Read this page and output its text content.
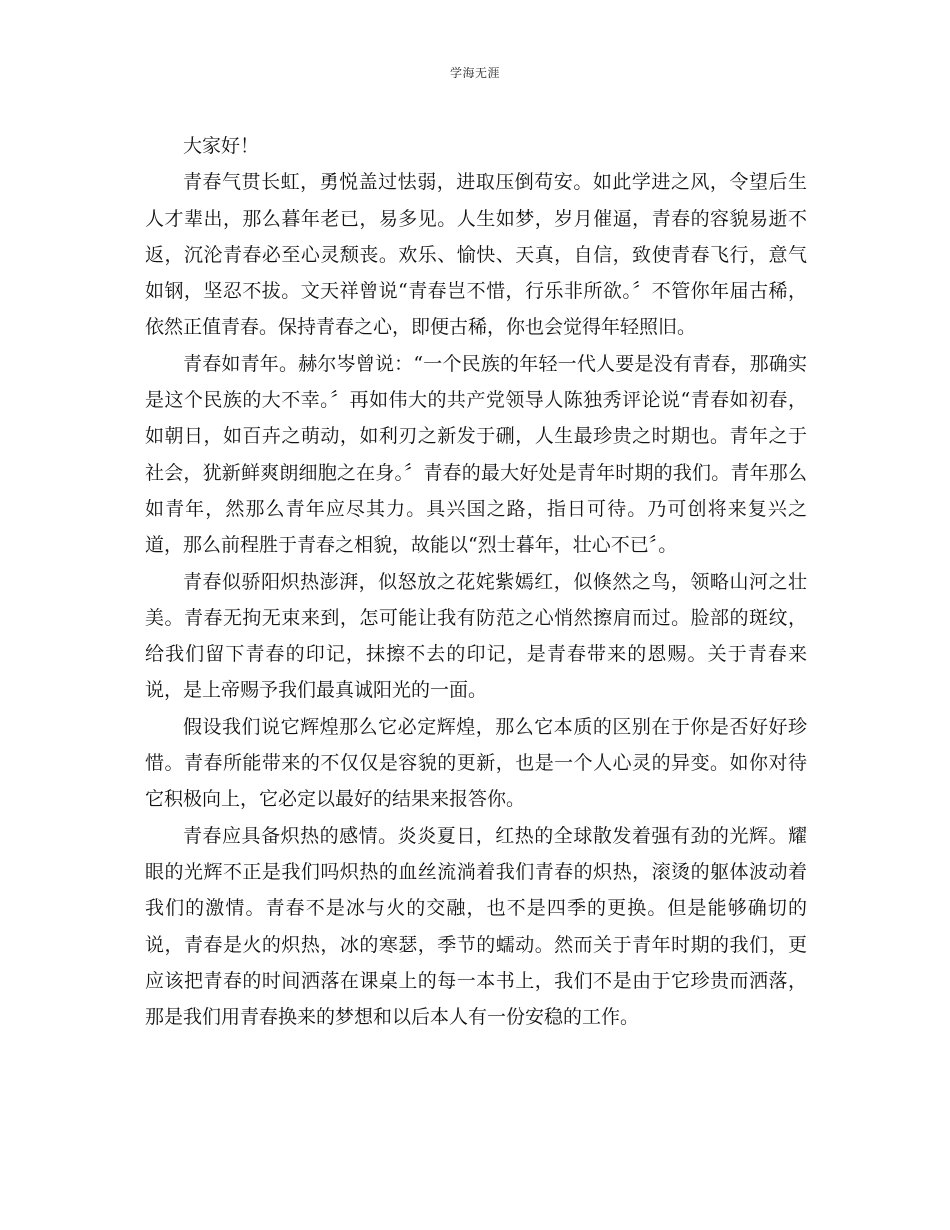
学海无涯

大家好！

青春气贯长虹，勇悦盖过怯弱，进取压倒苟安。如此学进之风，令望后生人才辈出，那么暮年老已，易多见。人生如梦，岁月催逼，青春的容貌易逝不返，沉沦青春必至心灵颓丧。欢乐、愉快、天真，自信，致使青春飞行，意气如钢，坚忍不拔。文天祥曾说“青春岂不惜，行乐非所欲。〞不管你年届古稀，依然正值青春。保持青春之心，即便古稀，你也会觉得年轻照旧。

青春如青年。赫尔岑曾说：“一个民族的年轻一代人要是没有青春，那确实是这个民族的大不幸。〞再如伟大的共产党领导人陈独秀评论说“青春如初春，如朝日，如百卉之萌动，如利刃之新发于硎，人生最珍贵之时期也。青年之于社会，犹新鲜爽朗细胞之在身。〞青春的最大好处是青年时期的我们。青年那么如青年，然那么青年应尽其力。具兴国之路，指日可待。乃可创将来复兴之道，那么前程胜于青春之相貌，故能以“烈士暮年，壮心不已〞。

青春似骄阳炽热澎湃，似怒放之花姹紫嫣红，似倏然之鸟，领略山河之壮美。青春无拘无束来到，怎可能让我有防范之心悄然擦肩而过。脸部的斑纹，给我们留下青春的印记，抹擦不去的印记，是青春带来的恩赐。关于青春来说，是上帝赐予我们最真诚阳光的一面。

假设我们说它辉煌那么它必定辉煌，那么它本质的区别在于你是否好好珍惜。青春所能带来的不仅仅是容貌的更新，也是一个人心灵的异变。如你对待它积极向上，它必定以最好的结果来报答你。

青春应具备炽热的感情。炎炎夏日，红热的全球散发着强有劲的光辉。耀眼的光辉不正是我们吗炽热的血丝流淌着我们青春的炽热，滚烫的躯体波动着我们的激情。青春不是冰与火的交融，也不是四季的更换。但是能够确切的说，青春是火的炽热，冰的寒瑟，季节的蠕动。然而关于青年时期的我们，更应该把青春的时间洒落在课桌上的每一本书上，我们不是由于它珍贵而洒落，那是我们用青春换来的梦想和以后本人有一份安稳的工作。
